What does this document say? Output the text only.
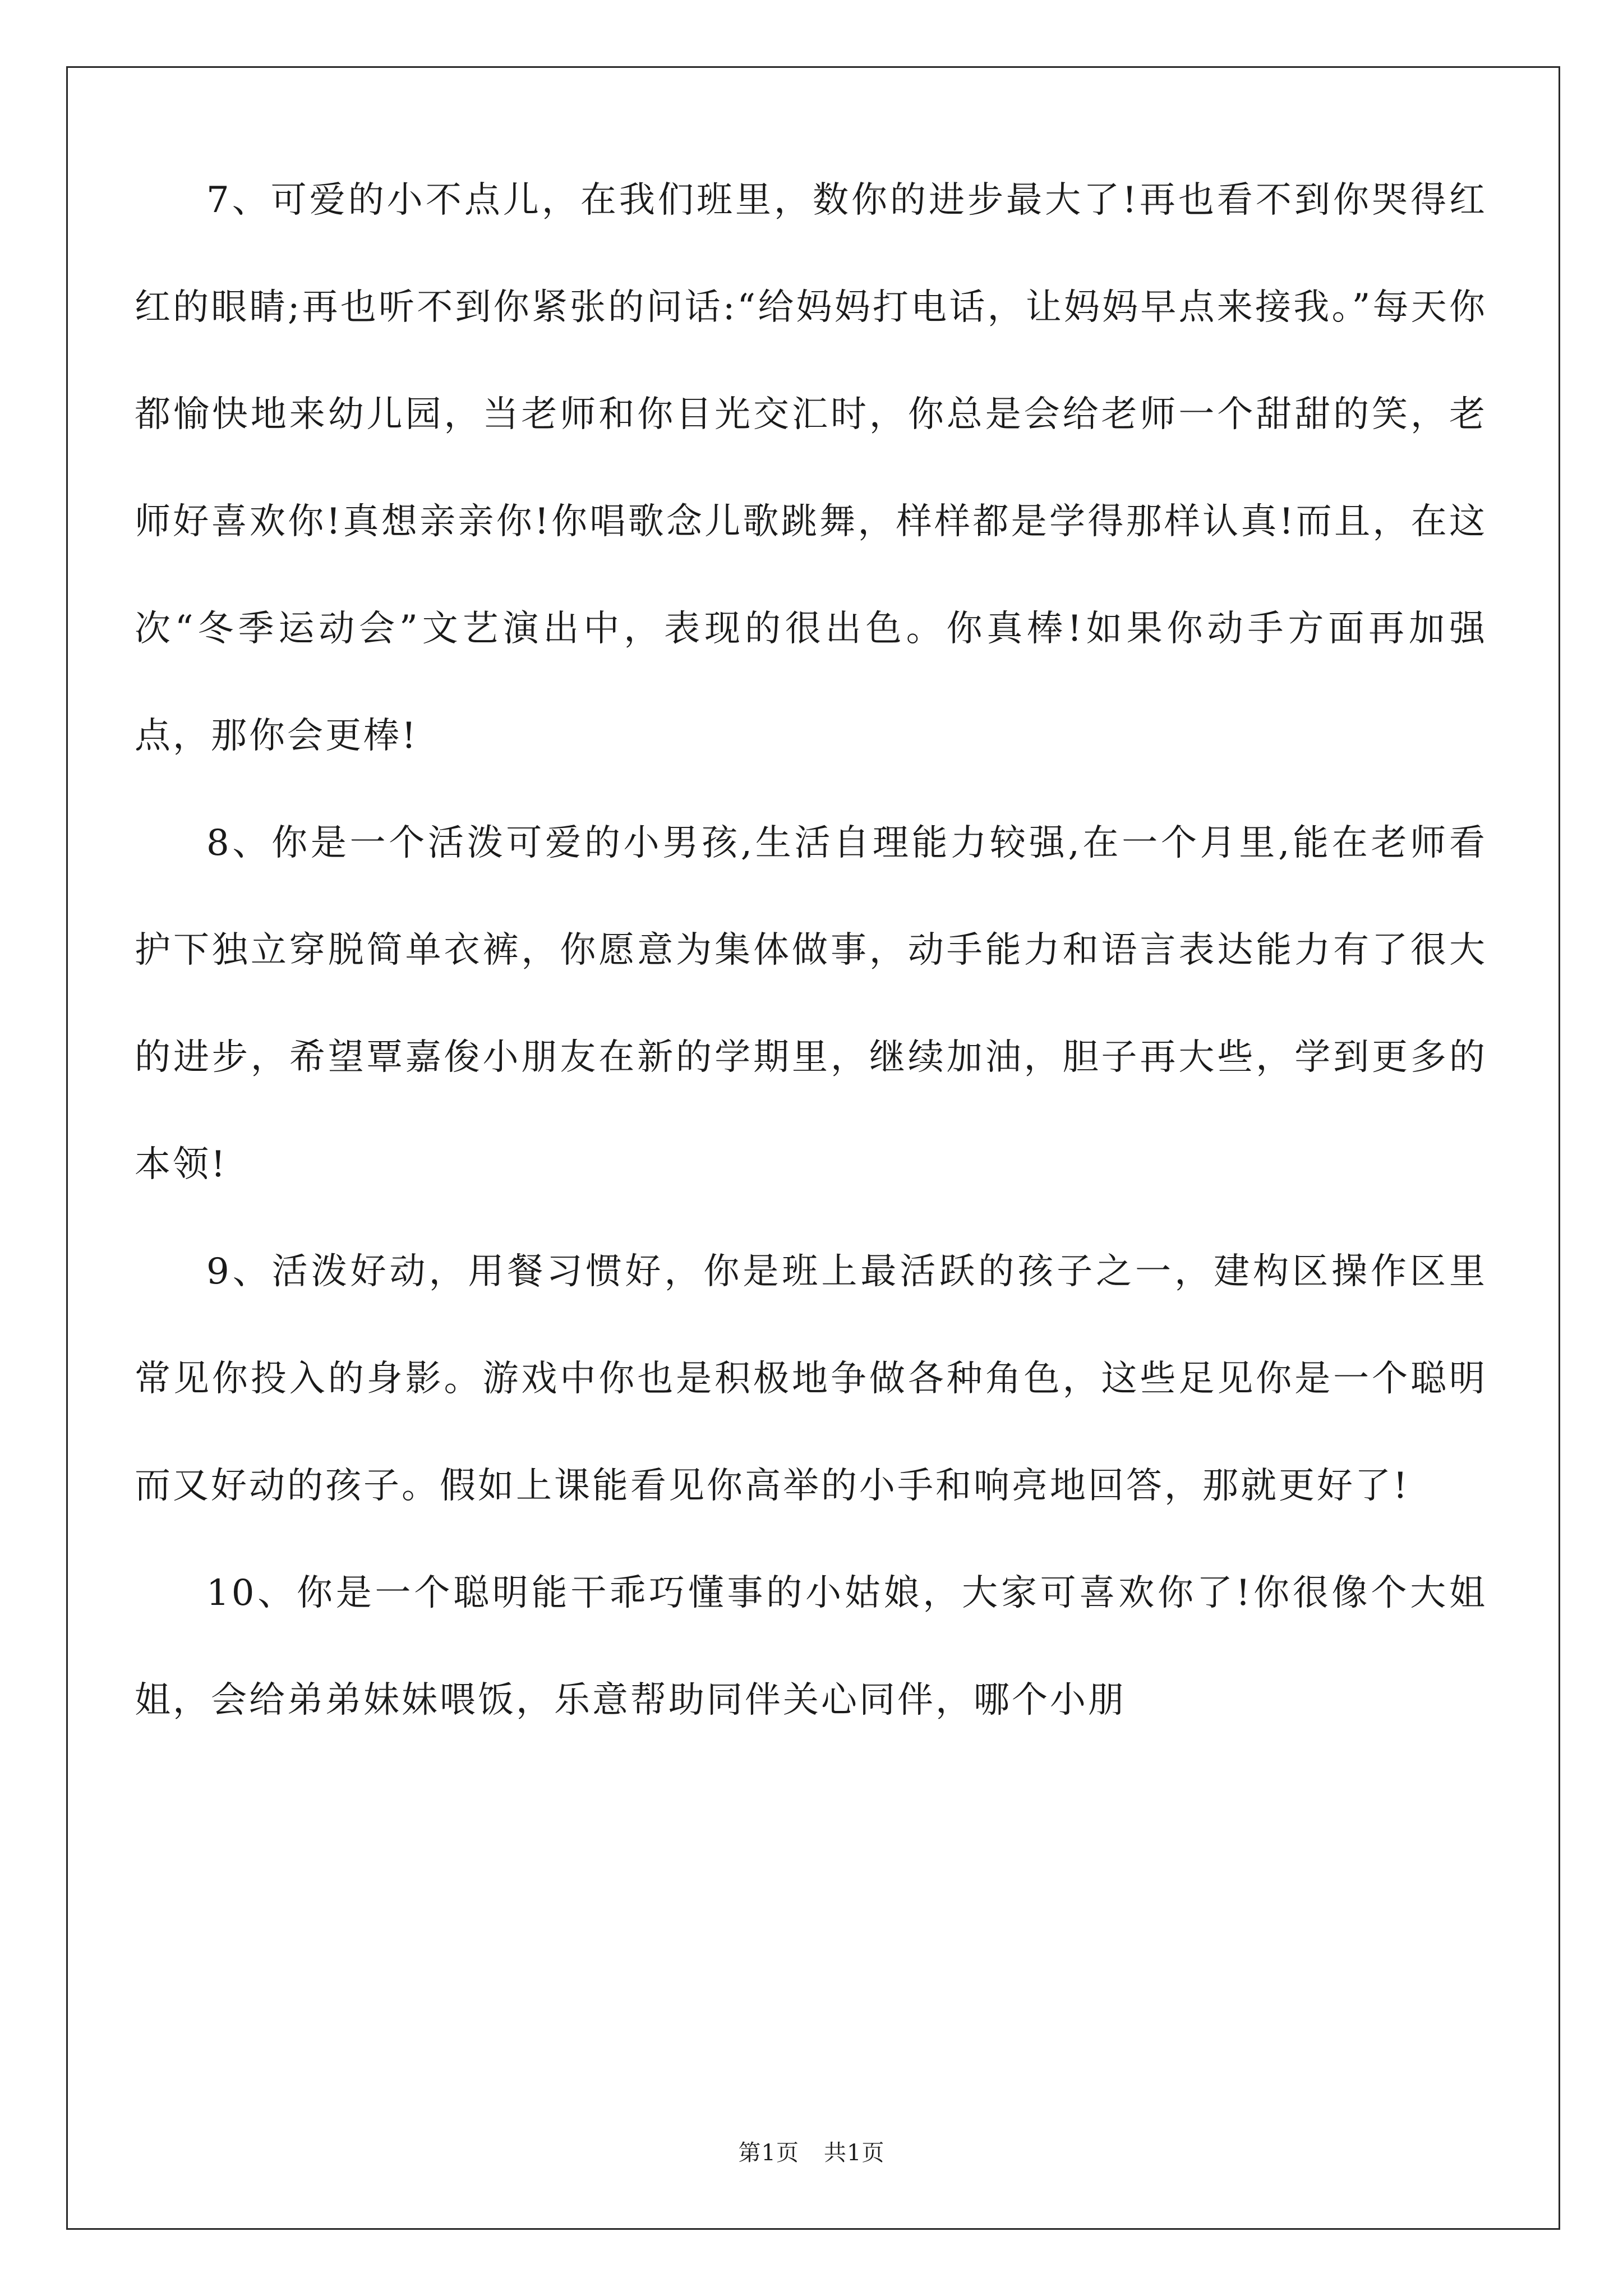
7、可爱的小不点儿，在我们班里，数你的进步最大了!再也看不到你哭得红红的眼睛;再也听不到你紧张的问话:“给妈妈打电话，让妈妈早点来接我。”每天你都愉快地来幼儿园，当老师和你目光交汇时，你总是会给老师一个甜甜的笑，老师好喜欢你!真想亲亲你!你唱歌念儿歌跳舞，样样都是学得那样认真!而且，在这次“冬季运动会”文艺演出中，表现的很出色。你真棒!如果你动手方面再加强点，那你会更棒!

8、你是一个活泼可爱的小男孩,生活自理能力较强,在一个月里,能在老师看护下独立穿脱简单衣裤，你愿意为集体做事，动手能力和语言表达能力有了很大的进步，希望覃嘉俊小朋友在新的学期里，继续加油，胆子再大些，学到更多的本领!

9、活泼好动，用餐习惯好，你是班上最活跃的孩子之一，建构区操作区里常见你投入的身影。游戏中你也是积极地争做各种角色，这些足见你是一个聪明而又好动的孩子。假如上课能看见你高举的小手和响亮地回答，那就更好了!

10、你是一个聪明能干乖巧懂事的小姑娘，大家可喜欢你了!你很像个大姐姐，会给弟弟妹妹喂饭，乐意帮助同伴关心同伴，哪个小朋

第1页 共1页
